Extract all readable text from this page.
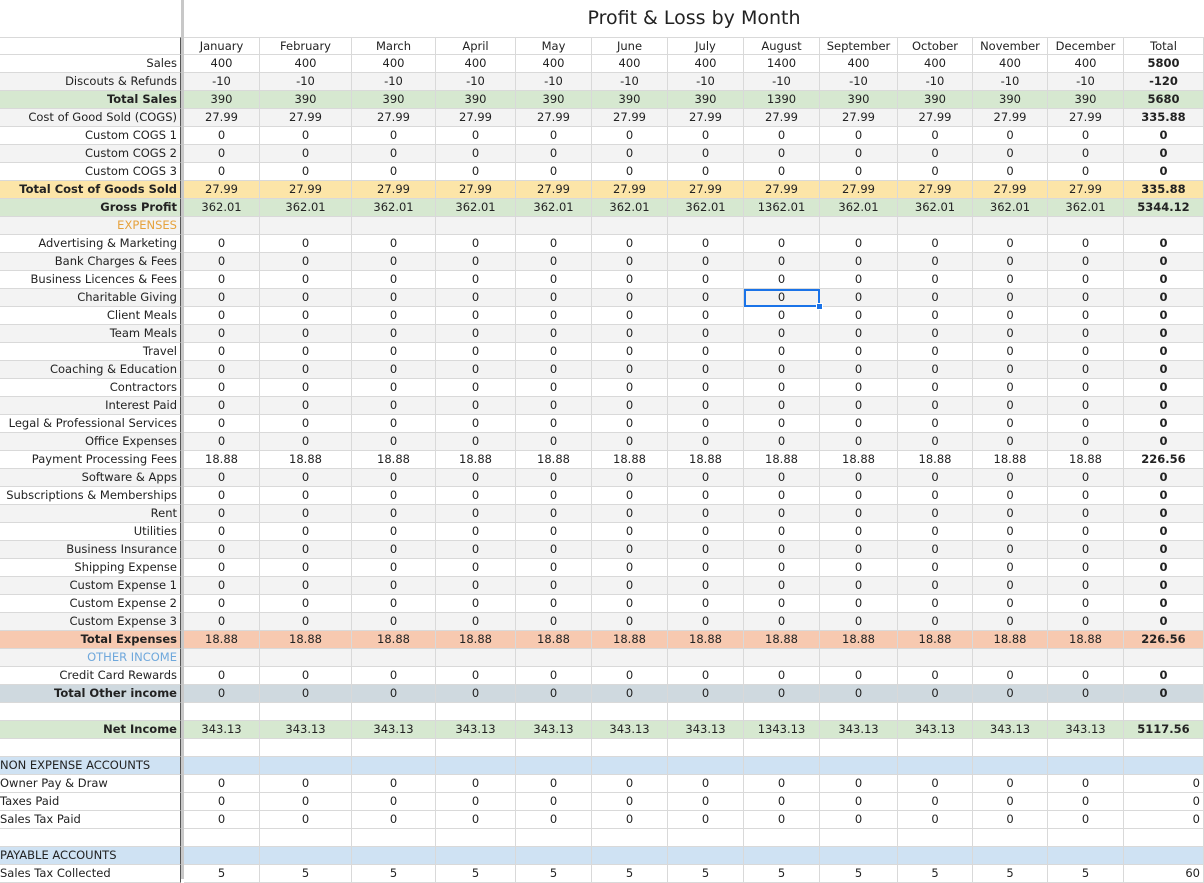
January	February	March	April	May	June	July	August	September	October	November	December	Total
Sales	400	400	400	400	400	400	400	1400	400	400	400	400	5800
Discouts & Refunds	-10	-10	-10	-10	-10	-10	-10	-10	-10	-10	-10	-10	-120
Total Sales	390	390	390	390	390	390	390	1390	390	390	390	390	5680
Cost of Good Sold (COGS)	27.99	27.99	27.99	27.99	27.99	27.99	27.99	27.99	27.99	27.99	27.99	27.99	335.88
Custom COGS 1	0	0	0	0	0	0	0	0	0	0	0	0	0
Custom COGS 2	0	0	0	0	0	0	0	0	0	0	0	0	0
Custom COGS 3	0	0	0	0	0	0	0	0	0	0	0	0	0
Total Cost of Goods Sold	27.99	27.99	27.99	27.99	27.99	27.99	27.99	27.99	27.99	27.99	27.99	27.99	335.88
Gross Profit	362.01	362.01	362.01	362.01	362.01	362.01	362.01	1362.01	362.01	362.01	362.01	362.01	5344.12
EXPENSES
Advertising & Marketing	0	0	0	0	0	0	0	0	0	0	0	0	0
Bank Charges & Fees	0	0	0	0	0	0	0	0	0	0	0	0	0
Business Licences & Fees	0	0	0	0	0	0	0	0	0	0	0	0	0
Charitable Giving	0	0	0	0	0	0	0	0	0	0	0	0	0
Client Meals	0	0	0	0	0	0	0	0	0	0	0	0	0
Team Meals	0	0	0	0	0	0	0	0	0	0	0	0	0
Travel	0	0	0	0	0	0	0	0	0	0	0	0	0
Coaching & Education	0	0	0	0	0	0	0	0	0	0	0	0	0
Contractors	0	0	0	0	0	0	0	0	0	0	0	0	0
Interest Paid	0	0	0	0	0	0	0	0	0	0	0	0	0
Legal & Professional Services	0	0	0	0	0	0	0	0	0	0	0	0	0
Office Expenses	0	0	0	0	0	0	0	0	0	0	0	0	0
Payment Processing Fees	18.88	18.88	18.88	18.88	18.88	18.88	18.88	18.88	18.88	18.88	18.88	18.88	226.56
Software & Apps	0	0	0	0	0	0	0	0	0	0	0	0	0
Subscriptions & Memberships	0	0	0	0	0	0	0	0	0	0	0	0	0
Rent	0	0	0	0	0	0	0	0	0	0	0	0	0
Utilities	0	0	0	0	0	0	0	0	0	0	0	0	0
Business Insurance	0	0	0	0	0	0	0	0	0	0	0	0	0
Shipping Expense	0	0	0	0	0	0	0	0	0	0	0	0	0
Custom Expense 1	0	0	0	0	0	0	0	0	0	0	0	0	0
Custom Expense 2	0	0	0	0	0	0	0	0	0	0	0	0	0
Custom Expense 3	0	0	0	0	0	0	0	0	0	0	0	0	0
Total Expenses	18.88	18.88	18.88	18.88	18.88	18.88	18.88	18.88	18.88	18.88	18.88	18.88	226.56
OTHER INCOME
Credit Card Rewards	0	0	0	0	0	0	0	0	0	0	0	0	0
Total Other income	0	0	0	0	0	0	0	0	0	0	0	0	0
Net Income	343.13	343.13	343.13	343.13	343.13	343.13	343.13	1343.13	343.13	343.13	343.13	343.13	5117.56
NON EXPENSE ACCOUNTS
Owner Pay & Draw	0	0	0	0	0	0	0	0	0	0	0	0	0
Taxes Paid	0	0	0	0	0	0	0	0	0	0	0	0	0
Sales Tax Paid	0	0	0	0	0	0	0	0	0	0	0	0	0
PAYABLE ACCOUNTS
Sales Tax Collected	5	5	5	5	5	5	5	5	5	5	5	5	60
Profit & Loss by Month
